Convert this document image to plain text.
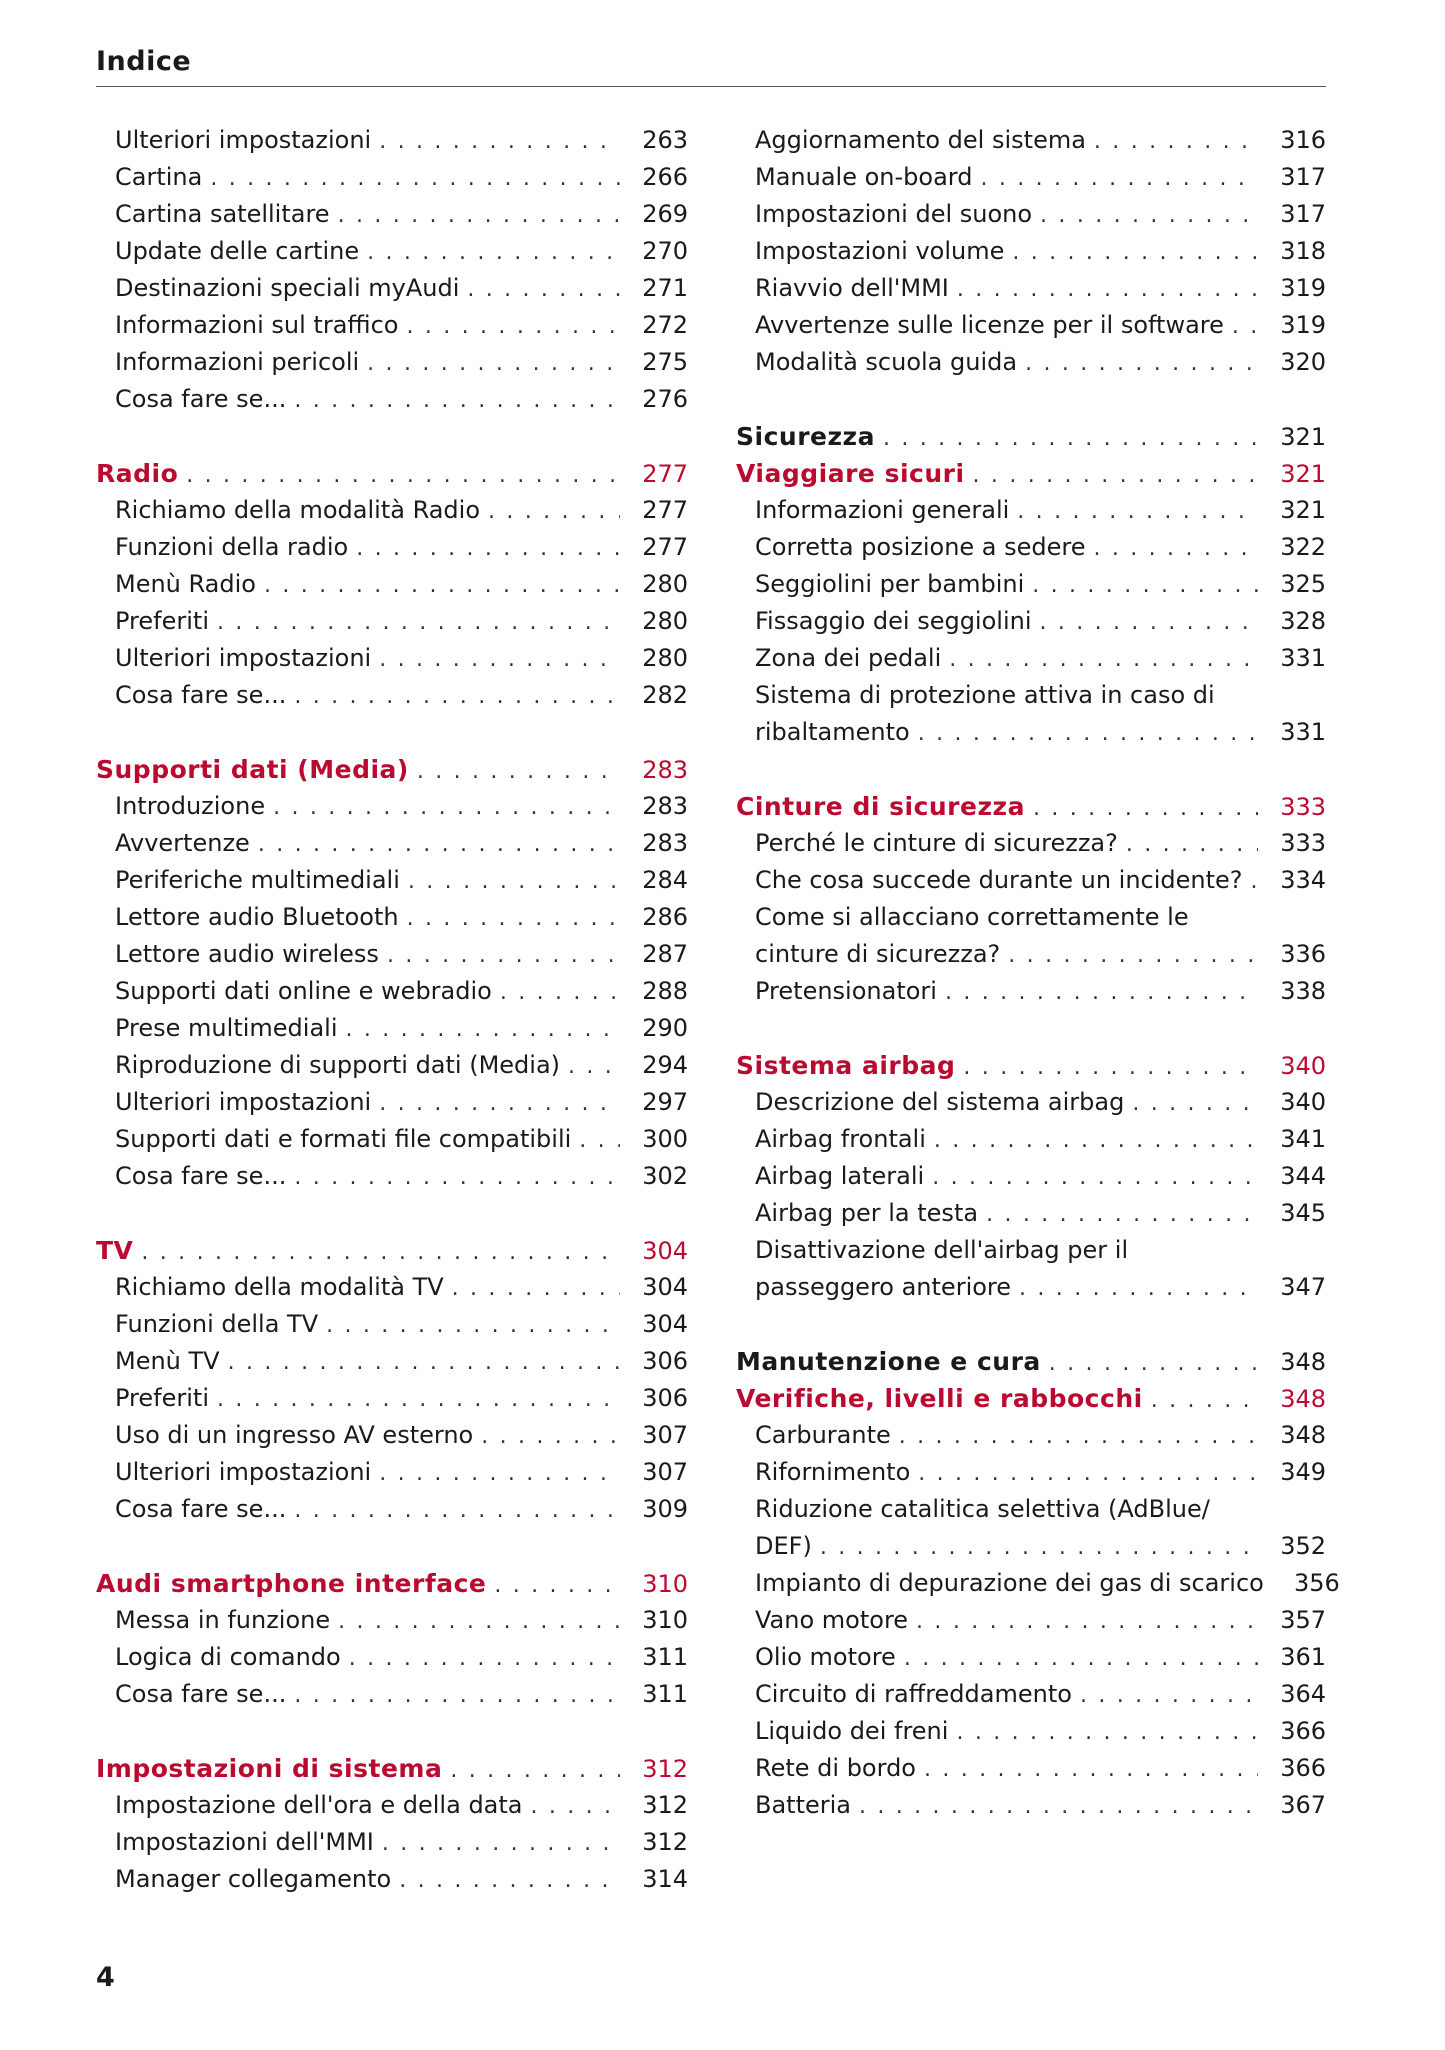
Indice
Ulteriori impostazioni . . .	263
Cartina . . .	266
Cartina satellitare . . .	269
Update delle cartine . . .	270
Destinazioni speciali myAudi . . .	271
Informazioni sul traffico . . .	272
Informazioni pericoli . . .	275
Cosa fare se... . . .	276
Radio . . .	277
Richiamo della modalità Radio . . .	277
Funzioni della radio . . .	277
Menù Radio . . .	280
Preferiti . . .	280
Ulteriori impostazioni . . .	280
Cosa fare se... . . .	282
Supporti dati (Media) . . .	283
Introduzione . . .	283
Avvertenze . . .	283
Periferiche multimediali . . .	284
Lettore audio Bluetooth . . .	286
Lettore audio wireless . . .	287
Supporti dati online e webradio . . .	288
Prese multimediali . . .	290
Riproduzione di supporti dati (Media) . . .	294
Ulteriori impostazioni . . .	297
Supporti dati e formati file compatibili . . .	300
Cosa fare se... . . .	302
TV . . .	304
Richiamo della modalità TV . . .	304
Funzioni della TV . . .	304
Menù TV . . .	306
Preferiti . . .	306
Uso di un ingresso AV esterno . . .	307
Ulteriori impostazioni . . .	307
Cosa fare se... . . .	309
Audi smartphone interface . . .	310
Messa in funzione . . .	310
Logica di comando . . .	311
Cosa fare se... . . .	311
Impostazioni di sistema . . .	312
Impostazione dell'ora e della data . . .	312
Impostazioni dell'MMI . . .	312
Manager collegamento . . .	314
Aggiornamento del sistema . . .	316
Manuale on-board . . .	317
Impostazioni del suono . . .	317
Impostazioni volume . . .	318
Riavvio dell'MMI . . .	319
Avvertenze sulle licenze per il software . . .	319
Modalità scuola guida . . .	320
Sicurezza . . .	321
Viaggiare sicuri . . .	321
Informazioni generali . . .	321
Corretta posizione a sedere . . .	322
Seggiolini per bambini . . .	325
Fissaggio dei seggiolini . . .	328
Zona dei pedali . . .	331
Sistema di protezione attiva in caso di
ribaltamento . . .	331
Cinture di sicurezza . . .	333
Perché le cinture di sicurezza? . . .	333
Che cosa succede durante un incidente? . . .	334
Come si allacciano correttamente le
cinture di sicurezza? . . .	336
Pretensionatori . . .	338
Sistema airbag . . .	340
Descrizione del sistema airbag . . .	340
Airbag frontali . . .	341
Airbag laterali . . .	344
Airbag per la testa . . .	345
Disattivazione dell'airbag per il
passeggero anteriore . . .	347
Manutenzione e cura . . .	348
Verifiche, livelli e rabbocchi . . .	348
Carburante . . .	348
Rifornimento . . .	349
Riduzione catalitica selettiva (AdBlue/
DEF) . . .	352
Impianto di depurazione dei gas di scarico	356
Vano motore . . .	357
Olio motore . . .	361
Circuito di raffreddamento . . .	364
Liquido dei freni . . .	366
Rete di bordo . . .	366
Batteria . . .	367
4
